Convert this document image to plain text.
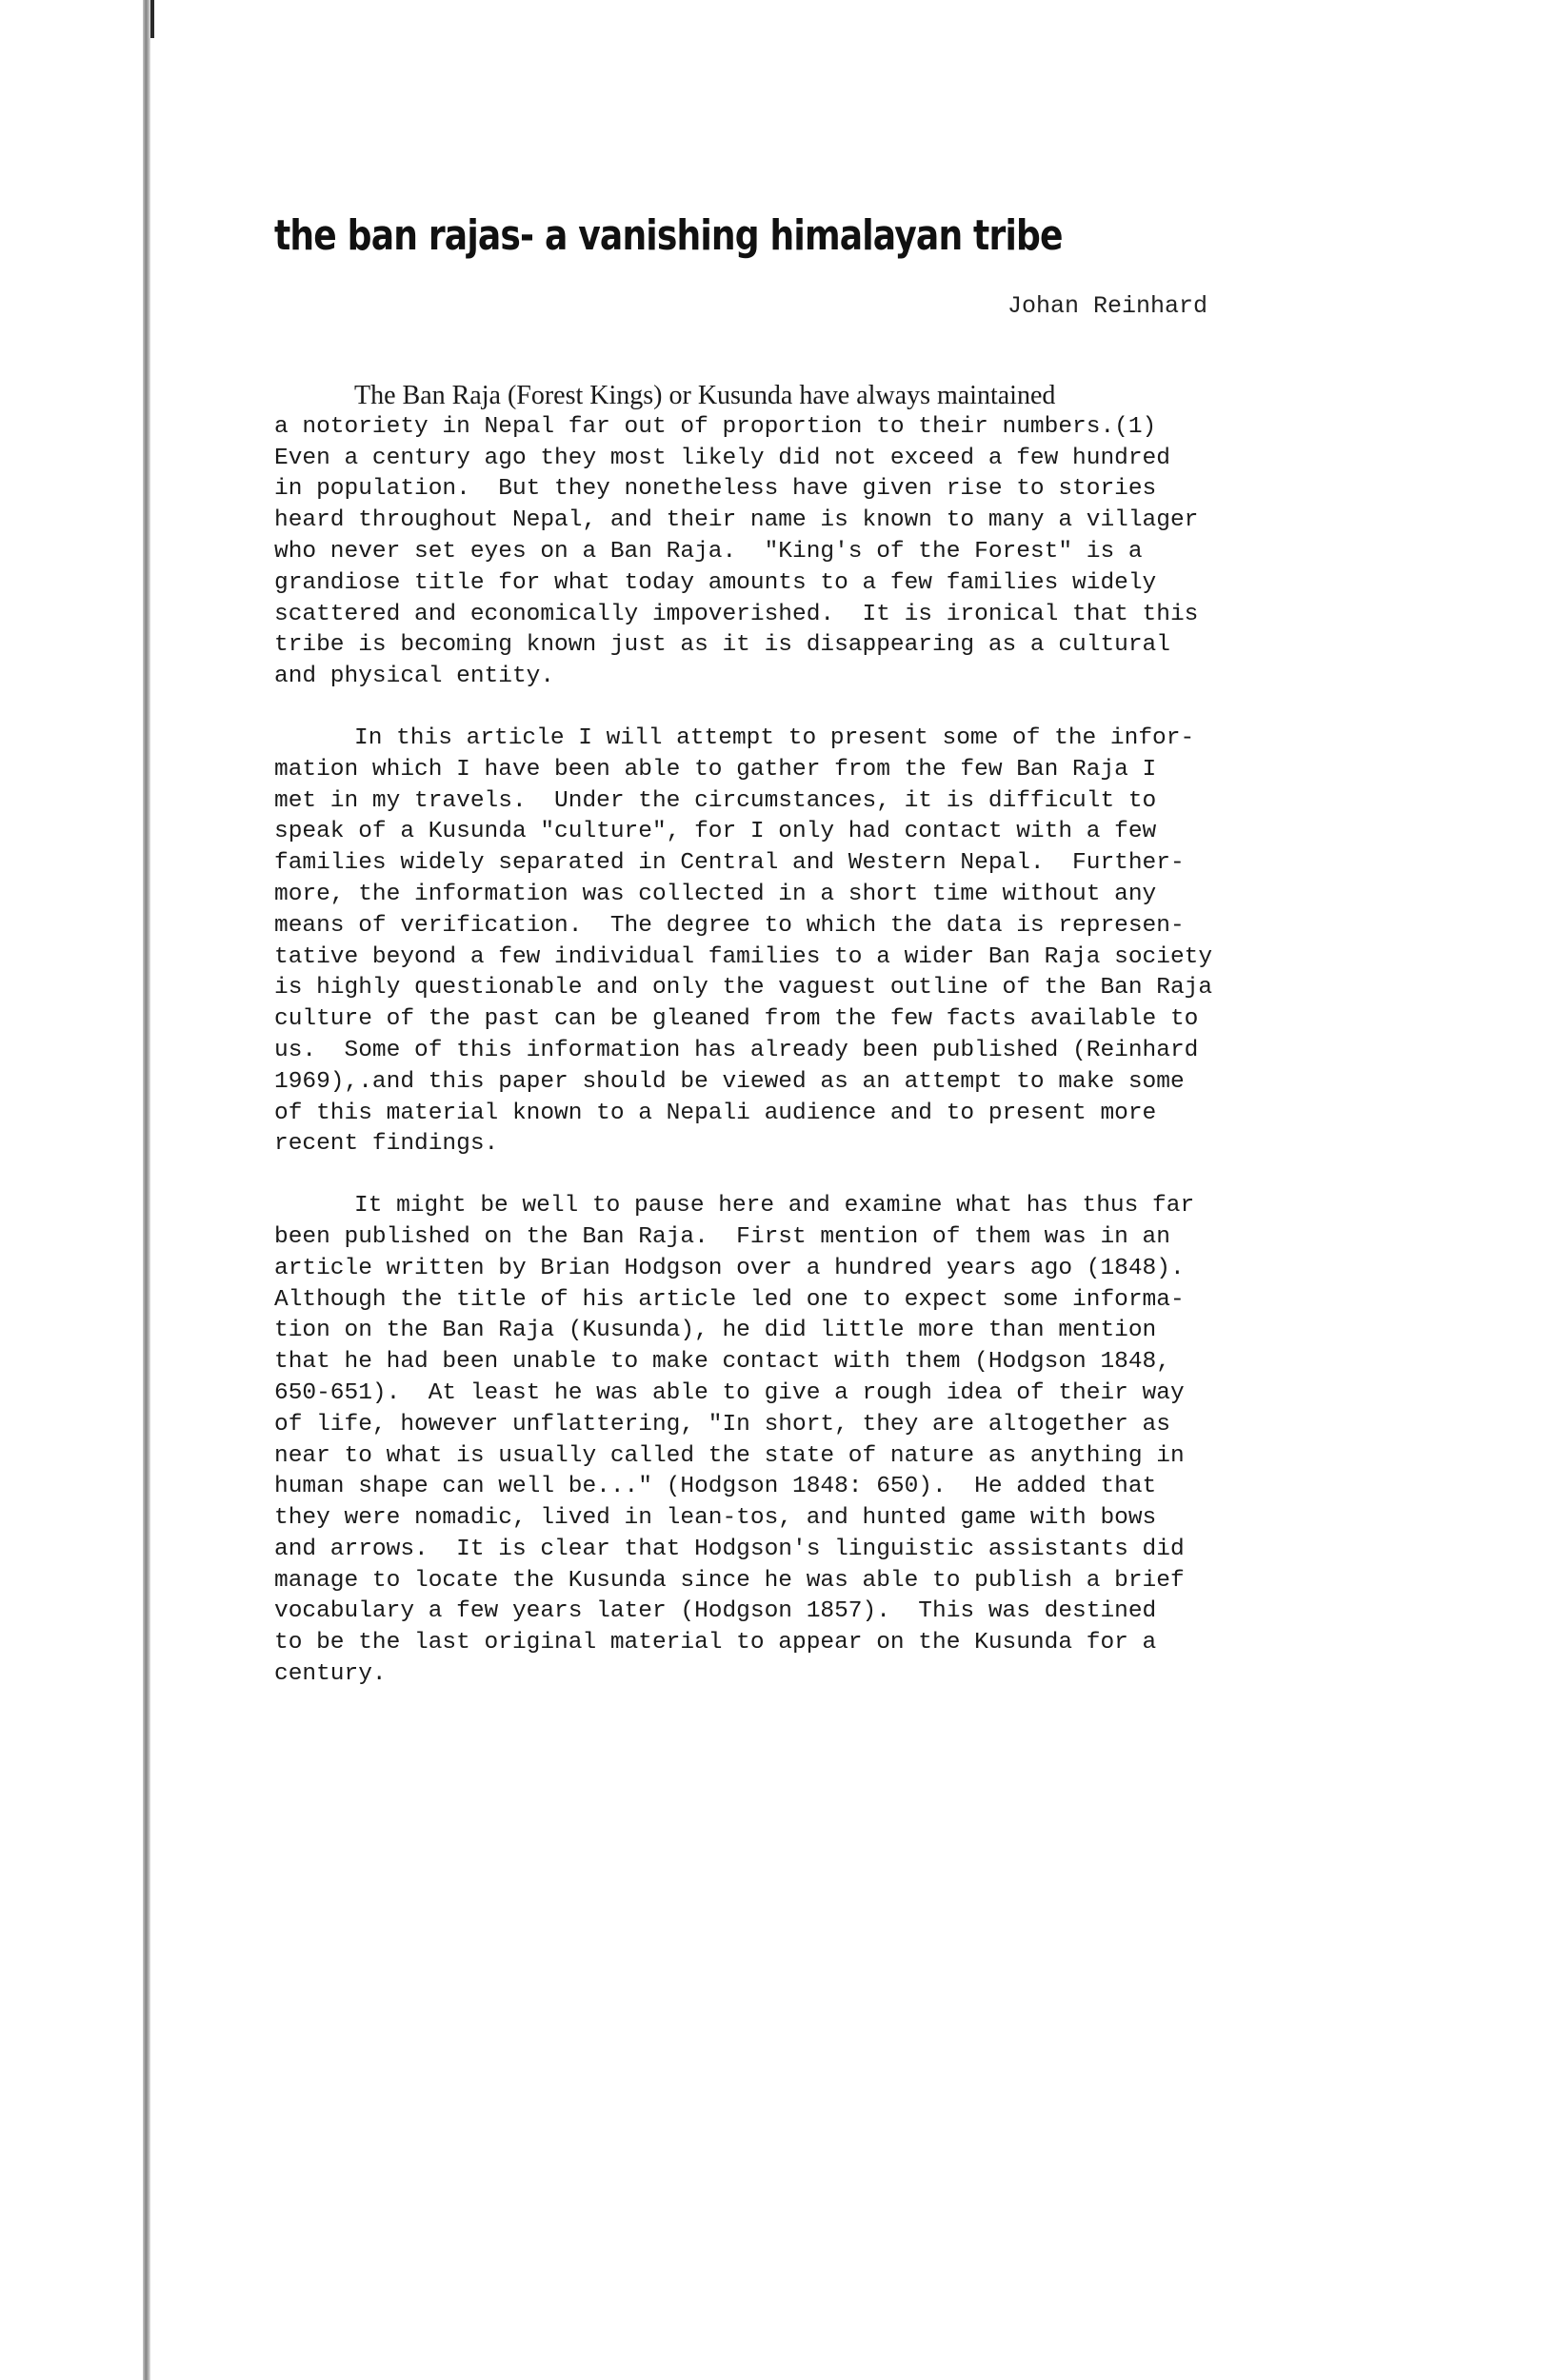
the ban rajas- a vanishing himalayan tribe
Johan Reinhard
The Ban Raja (Forest Kings) or Kusunda have always maintained
a notoriety in Nepal far out of proportion to their numbers.(1)
Even a century ago they most likely did not exceed a few hundred
in population.  But they nonetheless have given rise to stories
heard throughout Nepal, and their name is known to many a villager
who never set eyes on a Ban Raja.  "King's of the Forest" is a
grandiose title for what today amounts to a few families widely
scattered and economically impoverished.  It is ironical that this
tribe is becoming known just as it is disappearing as a cultural
and physical entity.
In this article I will attempt to present some of the infor-
mation which I have been able to gather from the few Ban Raja I
met in my travels.  Under the circumstances, it is difficult to
speak of a Kusunda "culture", for I only had contact with a few
families widely separated in Central and Western Nepal.  Further-
more, the information was collected in a short time without any
means of verification.  The degree to which the data is represen-
tative beyond a few individual families to a wider Ban Raja society
is highly questionable and only the vaguest outline of the Ban Raja
culture of the past can be gleaned from the few facts available to
us.  Some of this information has already been published (Reinhard
1969),.and this paper should be viewed as an attempt to make some
of this material known to a Nepali audience and to present more
recent findings.
It might be well to pause here and examine what has thus far
been published on the Ban Raja.  First mention of them was in an
article written by Brian Hodgson over a hundred years ago (1848).
Although the title of his article led one to expect some informa-
tion on the Ban Raja (Kusunda), he did little more than mention
that he had been unable to make contact with them (Hodgson 1848,
650-651).  At least he was able to give a rough idea of their way
of life, however unflattering, "In short, they are altogether as
near to what is usually called the state of nature as anything in
human shape can well be..." (Hodgson 1848: 650).  He added that
they were nomadic, lived in lean-tos, and hunted game with bows
and arrows.  It is clear that Hodgson's linguistic assistants did
manage to locate the Kusunda since he was able to publish a brief
vocabulary a few years later (Hodgson 1857).  This was destined
to be the last original material to appear on the Kusunda for a
century.
